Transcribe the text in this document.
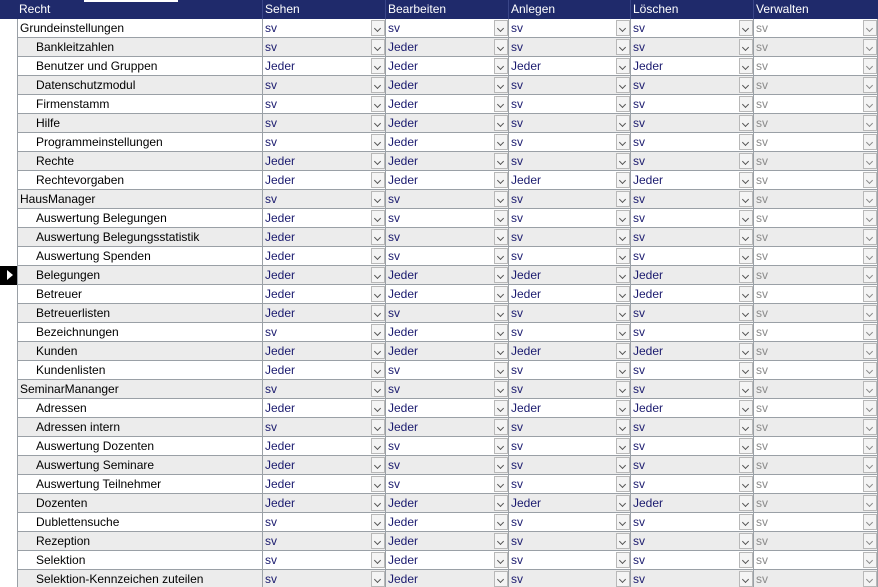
Recht	Sehen	Bearbeiten	Anlegen	Löschen	Verwalten
Grundeinstellungen	sv	sv	sv	sv	sv
Bankleitzahlen	sv	Jeder	sv	sv	sv
Benutzer und Gruppen	Jeder	Jeder	Jeder	Jeder	sv
Datenschutzmodul	sv	Jeder	sv	sv	sv
Firmenstamm	sv	Jeder	sv	sv	sv
Hilfe	sv	Jeder	sv	sv	sv
Programmeinstellungen	sv	Jeder	sv	sv	sv
Rechte	Jeder	Jeder	sv	sv	sv
Rechtevorgaben	Jeder	Jeder	Jeder	Jeder	sv
HausManager	sv	sv	sv	sv	sv
Auswertung Belegungen	Jeder	sv	sv	sv	sv
Auswertung Belegungsstatistik	Jeder	sv	sv	sv	sv
Auswertung Spenden	Jeder	sv	sv	sv	sv
Belegungen	Jeder	Jeder	Jeder	Jeder	sv
Betreuer	Jeder	Jeder	Jeder	Jeder	sv
Betreuerlisten	Jeder	sv	sv	sv	sv
Bezeichnungen	sv	Jeder	sv	sv	sv
Kunden	Jeder	Jeder	Jeder	Jeder	sv
Kundenlisten	Jeder	sv	sv	sv	sv
SeminarMananger	sv	sv	sv	sv	sv
Adressen	Jeder	Jeder	Jeder	Jeder	sv
Adressen intern	sv	Jeder	sv	sv	sv
Auswertung Dozenten	Jeder	sv	sv	sv	sv
Auswertung Seminare	Jeder	sv	sv	sv	sv
Auswertung Teilnehmer	Jeder	sv	sv	sv	sv
Dozenten	Jeder	Jeder	Jeder	Jeder	sv
Dublettensuche	sv	Jeder	sv	sv	sv
Rezeption	sv	Jeder	sv	sv	sv
Selektion	sv	Jeder	sv	sv	sv
Selektion-Kennzeichen zuteilen	sv	Jeder	sv	sv	sv
